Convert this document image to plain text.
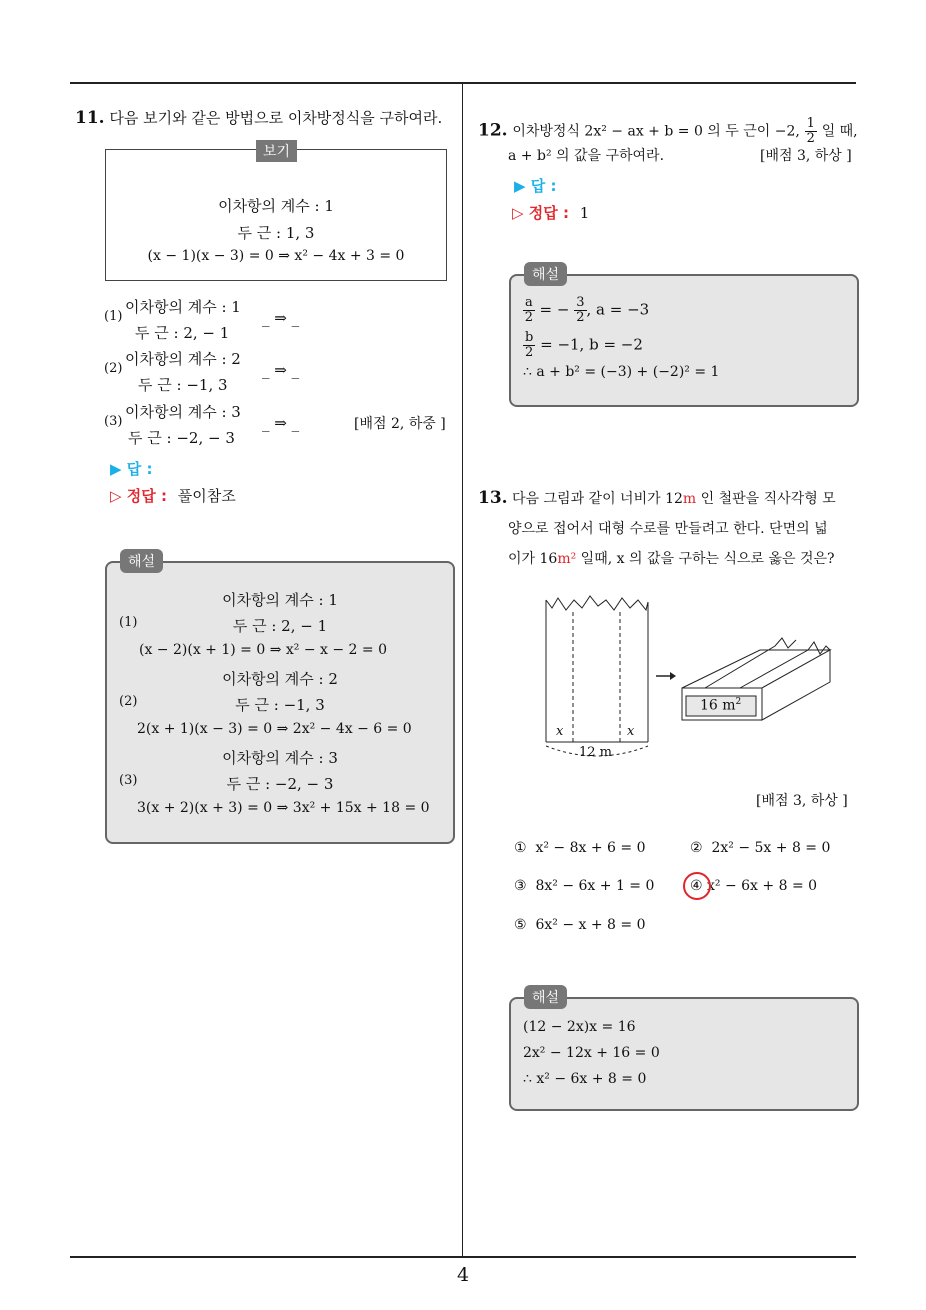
4
11. 다음 보기와 같은 방법으로 이차방정식을 구하여라.
이차항의 계수 : 1
두 근 : 1, 3
(x − 1)(x − 3) = 0 ⇒ x² − 4x + 3 = 0
보기
(1)
이차항의 계수 : 1
두 근 : 2, − 1
_ ⇒ _
(2)
이차항의 계수 : 2
두 근 : −1, 3
_ ⇒ _
(3)
이차항의 계수 : 3
두 근 : −2, − 3
_ ⇒ _	[배점 2, 하중 ]
▶ 답 :
▷ 정답 : 풀이참조
이차항의 계수 : 1
(1)	두 근 : 2, − 1
(x − 2)(x + 1) = 0 ⇒ x² − x − 2 = 0
이차항의 계수 : 2
(2)	두 근 : −1, 3
2(x + 1)(x − 3) = 0 ⇒ 2x² − 4x − 6 = 0
이차항의 계수 : 3
(3)	두 근 : −2, − 3
3(x + 2)(x + 3) = 0 ⇒ 3x² + 15x + 18 = 0
해설
12. 이차방정식 2x² − ax + b = 0 의 두 근이 −2, $\frac{1}{2}$ 일 때,
a + b² 의 값을 구하여라.	[배점 3, 하상 ]
▶ 답 :
▷ 정답 : 1
$\frac{a}{2}$ = − $\frac{3}{2}$ , a = −3
$\frac{b}{2} = -1$, b = −2
∴ a + b² = (−3) + (−2)² = 1
해설
13. 다음 그림과 같이 너비가 12m 인 철판을 직사각형 모
양으로 접어서 대형 수로를 만들려고 한다. 단면의 넓
이가 16m² 일때, x 의 값을 구하는 식으로 옳은 것은?
x	x
12 m
16 $m^2$
[배점 3, 하상 ]
① x² − 8x + 6 = 0	② 2x² − 5x + 8 = 0
③ 8x² − 6x + 1 = 0	④ x² − 6x + 8 = 0
⑤ 6x² − x + 8 = 0
(12 − 2x)x = 16
2x² − 12x + 16 = 0
∴ x² − 6x + 8 = 0
해설
